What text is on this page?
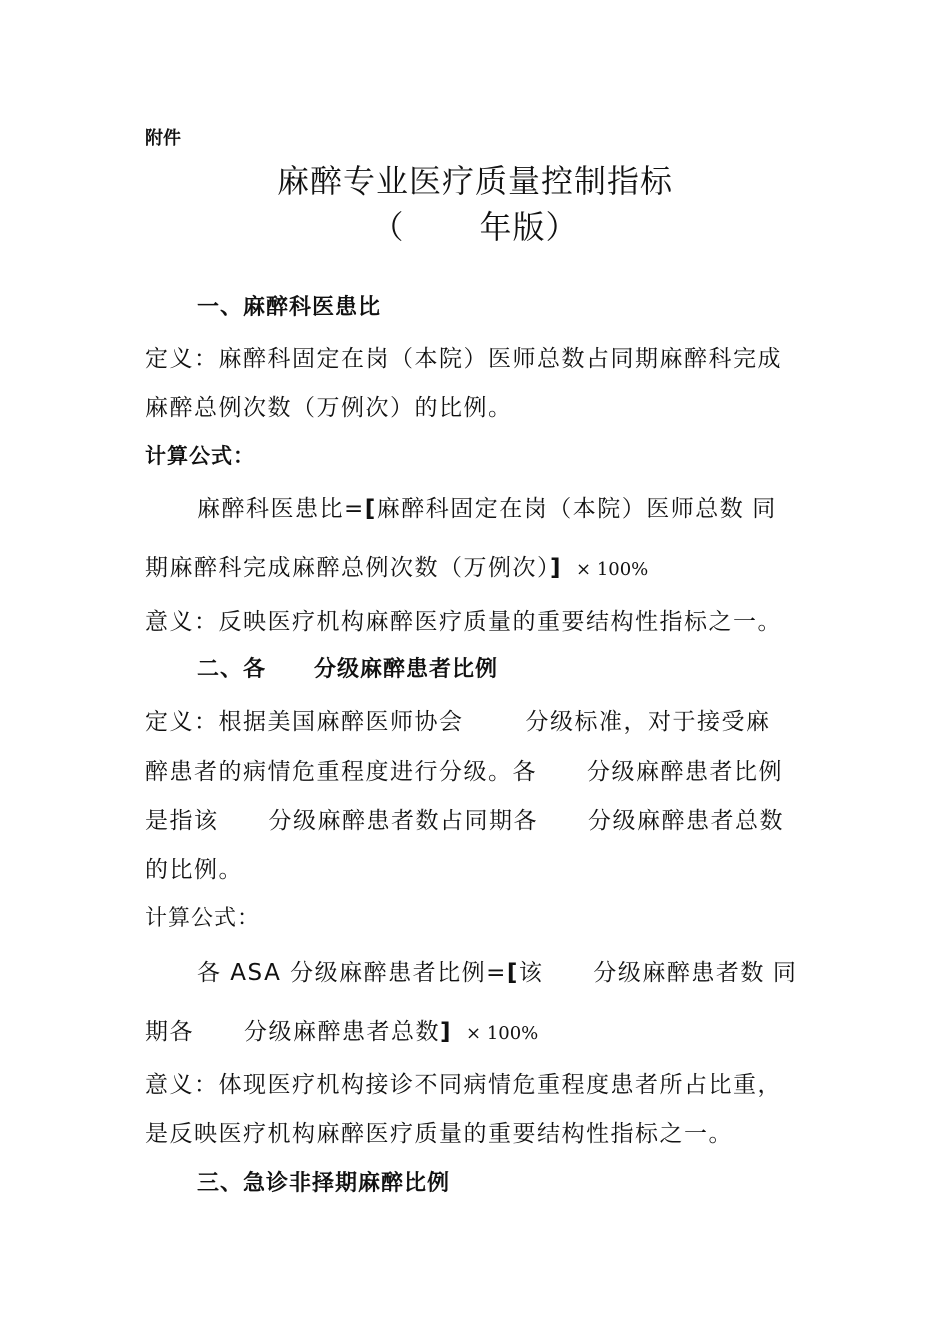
附件
麻醉专业医疗质量控制指标
（ 年版）
一、麻醉科医患比
定义：麻醉科固定在岗（本院）医师总数占同期麻醉科完成
麻醉总例次数（万例次）的比例。
计算公式：
麻醉科医患比=[麻醉科固定在岗（本院）医师总数 同
期麻醉科完成麻醉总例次数（万例次）] × 100%
意义：反映医疗机构麻醉医疗质量的重要结构性指标之一。
二、各 分级麻醉患者比例
定义：根据美国麻醉医师协会	分级标准，对于接受麻
醉患者的病情危重程度进行分级。各 分级麻醉患者比例
是指该 分级麻醉患者数占同期各 分级麻醉患者总数
的比例。
计算公式：
各 ASA 分级麻醉患者比例=[该 分级麻醉患者数 同
期各 分级麻醉患者总数] × 100%
意义：体现医疗机构接诊不同病情危重程度患者所占比重，
是反映医疗机构麻醉医疗质量的重要结构性指标之一。
三、急诊非择期麻醉比例
